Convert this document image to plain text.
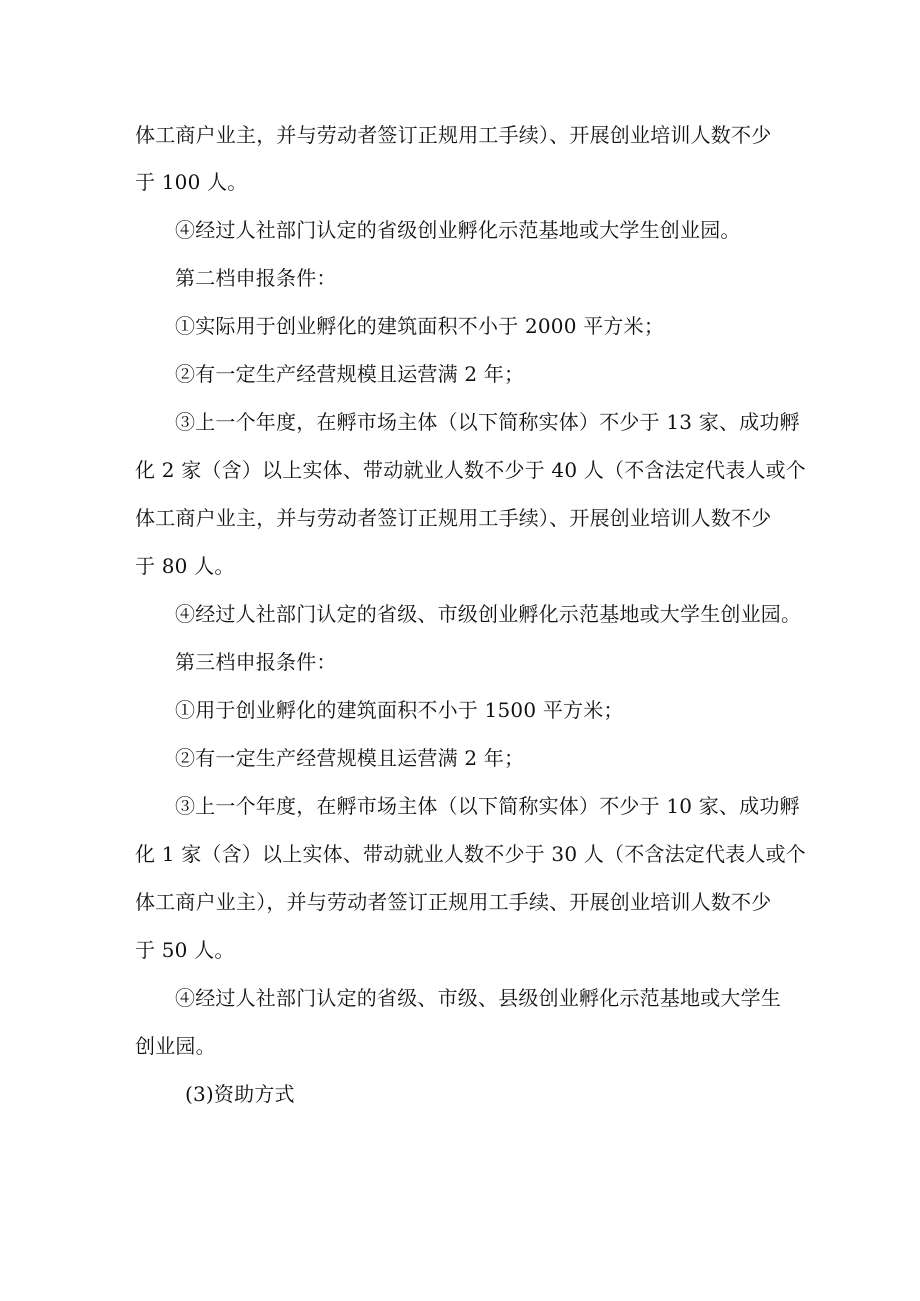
体工商户业主，并与劳动者签订正规用工手续）、开展创业培训人数不少
于 100 人。
④经过人社部门认定的省级创业孵化示范基地或大学生创业园。
第二档申报条件：
①实际用于创业孵化的建筑面积不小于 2000 平方米；
②有一定生产经营规模且运营满 2 年；
③上一个年度，在孵市场主体（以下简称实体）不少于 13 家、成功孵
化 2 家（含）以上实体、带动就业人数不少于 40 人（不含法定代表人或个
体工商户业主，并与劳动者签订正规用工手续）、开展创业培训人数不少
于 80 人。
④经过人社部门认定的省级、市级创业孵化示范基地或大学生创业园。
第三档申报条件：
①用于创业孵化的建筑面积不小于 1500 平方米；
②有一定生产经营规模且运营满 2 年；
③上一个年度，在孵市场主体（以下简称实体）不少于 10 家、成功孵
化 1 家（含）以上实体、带动就业人数不少于 30 人（不含法定代表人或个
体工商户业主），并与劳动者签订正规用工手续、开展创业培训人数不少
于 50 人。
④经过人社部门认定的省级、市级、县级创业孵化示范基地或大学生
创业园。
(3)资助方式
